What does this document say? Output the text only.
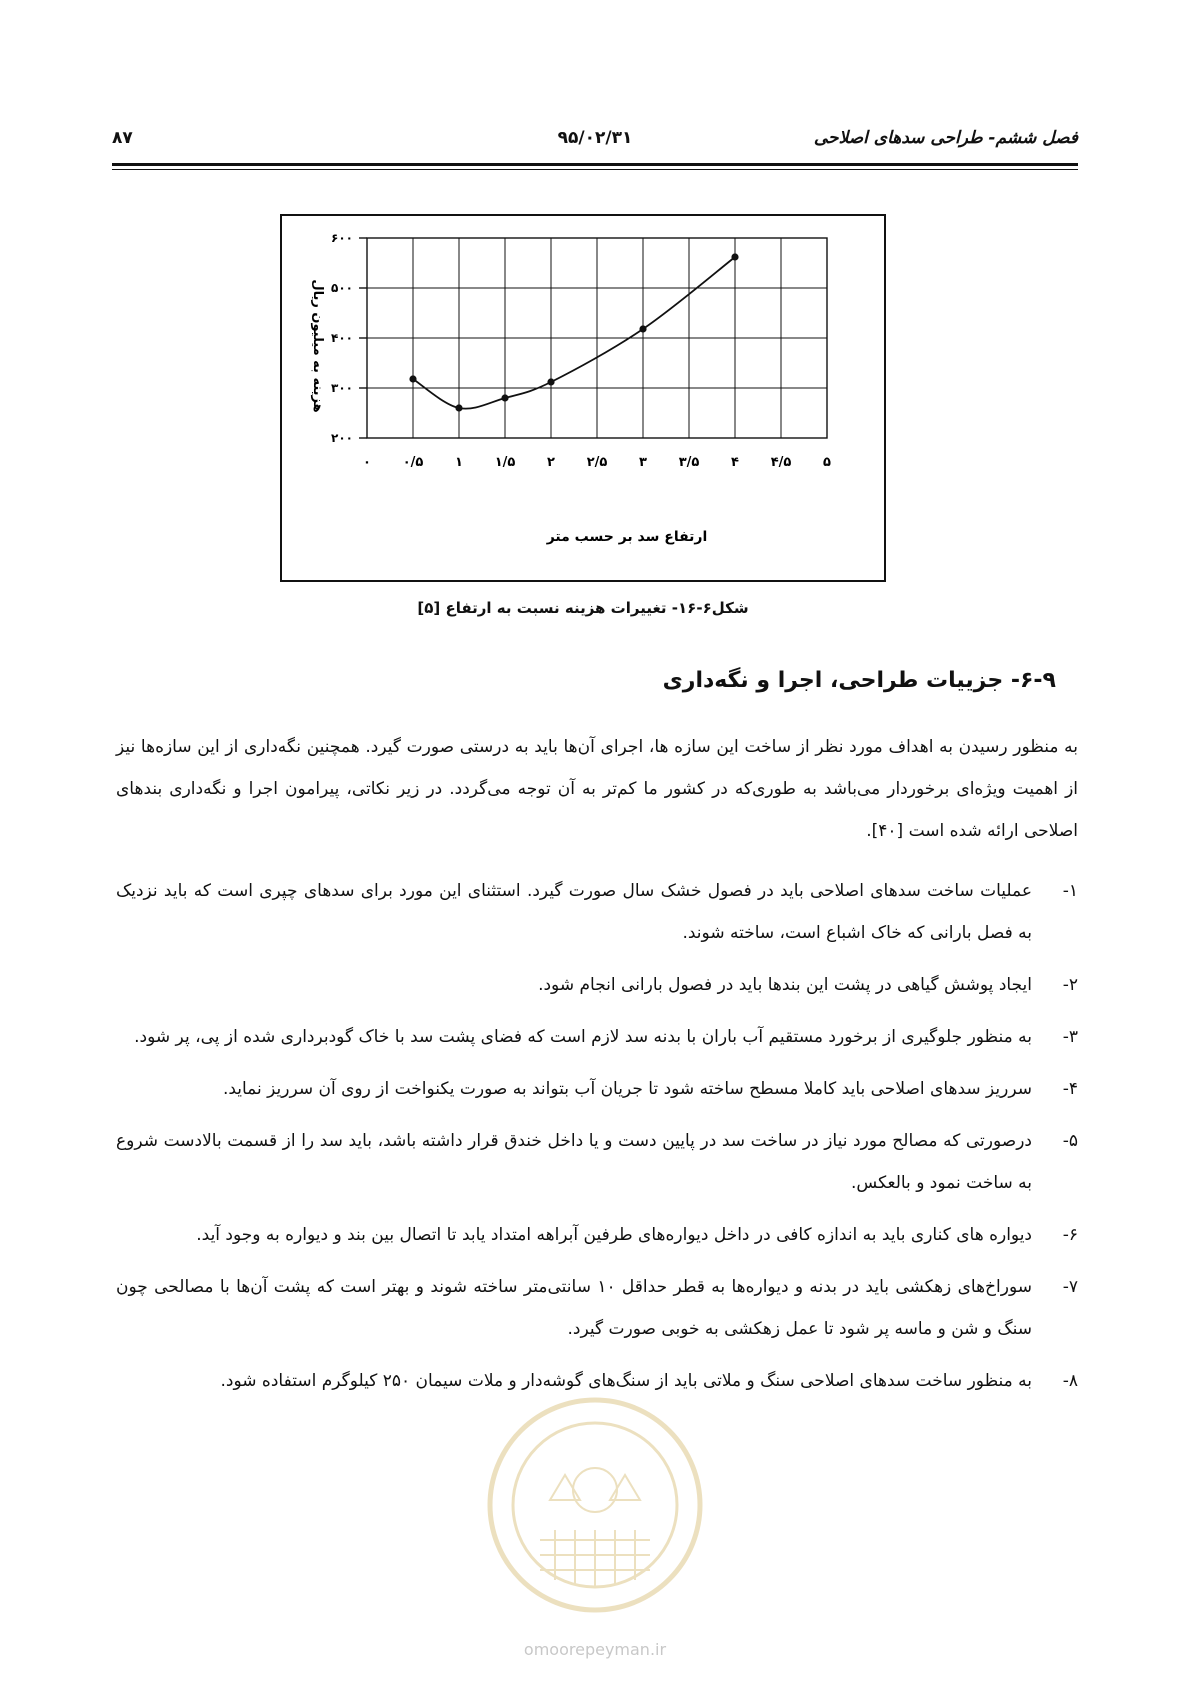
فصل ششم- طراحی سدهای اصلاحی
۹۵/۰۲/۳۱
۸۷
۲۰۰
۳۰۰
۴۰۰
۵۰۰
۶۰۰
۰ ۰/۵ ۱ ۱/۵ ۲ ۲/۵ ۳ ۳/۵ ۴ ۴/۵ ۵
ارتفاع سد بر حسب متر
هزینه به میلیون ریال
شکل۶-۱۶- تغییرات هزینه نسبت به ارتفاع [۵]
۶-۹- جزییات طراحی، اجرا و نگه‌داری

به منظور رسیدن به اهداف مورد نظر از ساخت این سازه ها، اجرای آن‌ها باید به درستی صورت گیرد. همچنین نگه‌داری از این سازه‌ها نیز از اهمیت ویژه‌ای برخوردار می‌باشد به طوری‌که در کشور ما کم‌تر به آن توجه می‌گردد. در زیر نکاتی، پیرامون اجرا و نگه‌داری بندهای اصلاحی ارائه شده است [۴۰].

۱-
عملیات ساخت سدهای اصلاحی باید در فصول خشک سال صورت گیرد. استثنای این مورد برای سدهای چپری است که باید نزدیک به فصل بارانی که خاک اشباع است، ساخته شوند.
۲-
ایجاد پوشش گیاهی در پشت این بندها باید در فصول بارانی انجام شود.
۳-
به منظور جلوگیری از برخورد مستقیم آب باران با بدنه سد لازم است که فضای پشت سد با خاک گودبرداری شده از پی، پر شود.
۴-
سرریز سدهای اصلاحی باید کاملا مسطح ساخته شود تا جریان آب بتواند به صورت یکنواخت از روی آن سرریز نماید.
۵-
درصورتی که مصالح مورد نیاز در ساخت سد در پایین دست و یا داخل خندق قرار داشته باشد، باید سد را از قسمت بالادست شروع به ساخت نمود و بالعکس.
۶-
دیواره های کناری باید به اندازه کافی در داخل دیواره‌های طرفین آبراهه امتداد یابد تا اتصال بین بند و دیواره به وجود آید.
۷-
سوراخ‌های زهکشی باید در بدنه و دیواره‌ها به قطر حداقل ۱۰ سانتی‌متر ساخته شوند و بهتر است که پشت آن‌ها با مصالحی چون سنگ و شن و ماسه پر شود تا عمل زهکشی به خوبی صورت گیرد.
۸-
به منظور ساخت سدهای اصلاحی سنگ و ملاتی باید از سنگ‌های گوشه‌دار و ملات سیمان ۲۵۰ کیلوگرم استفاده شود.
omoorepeyman.ir
